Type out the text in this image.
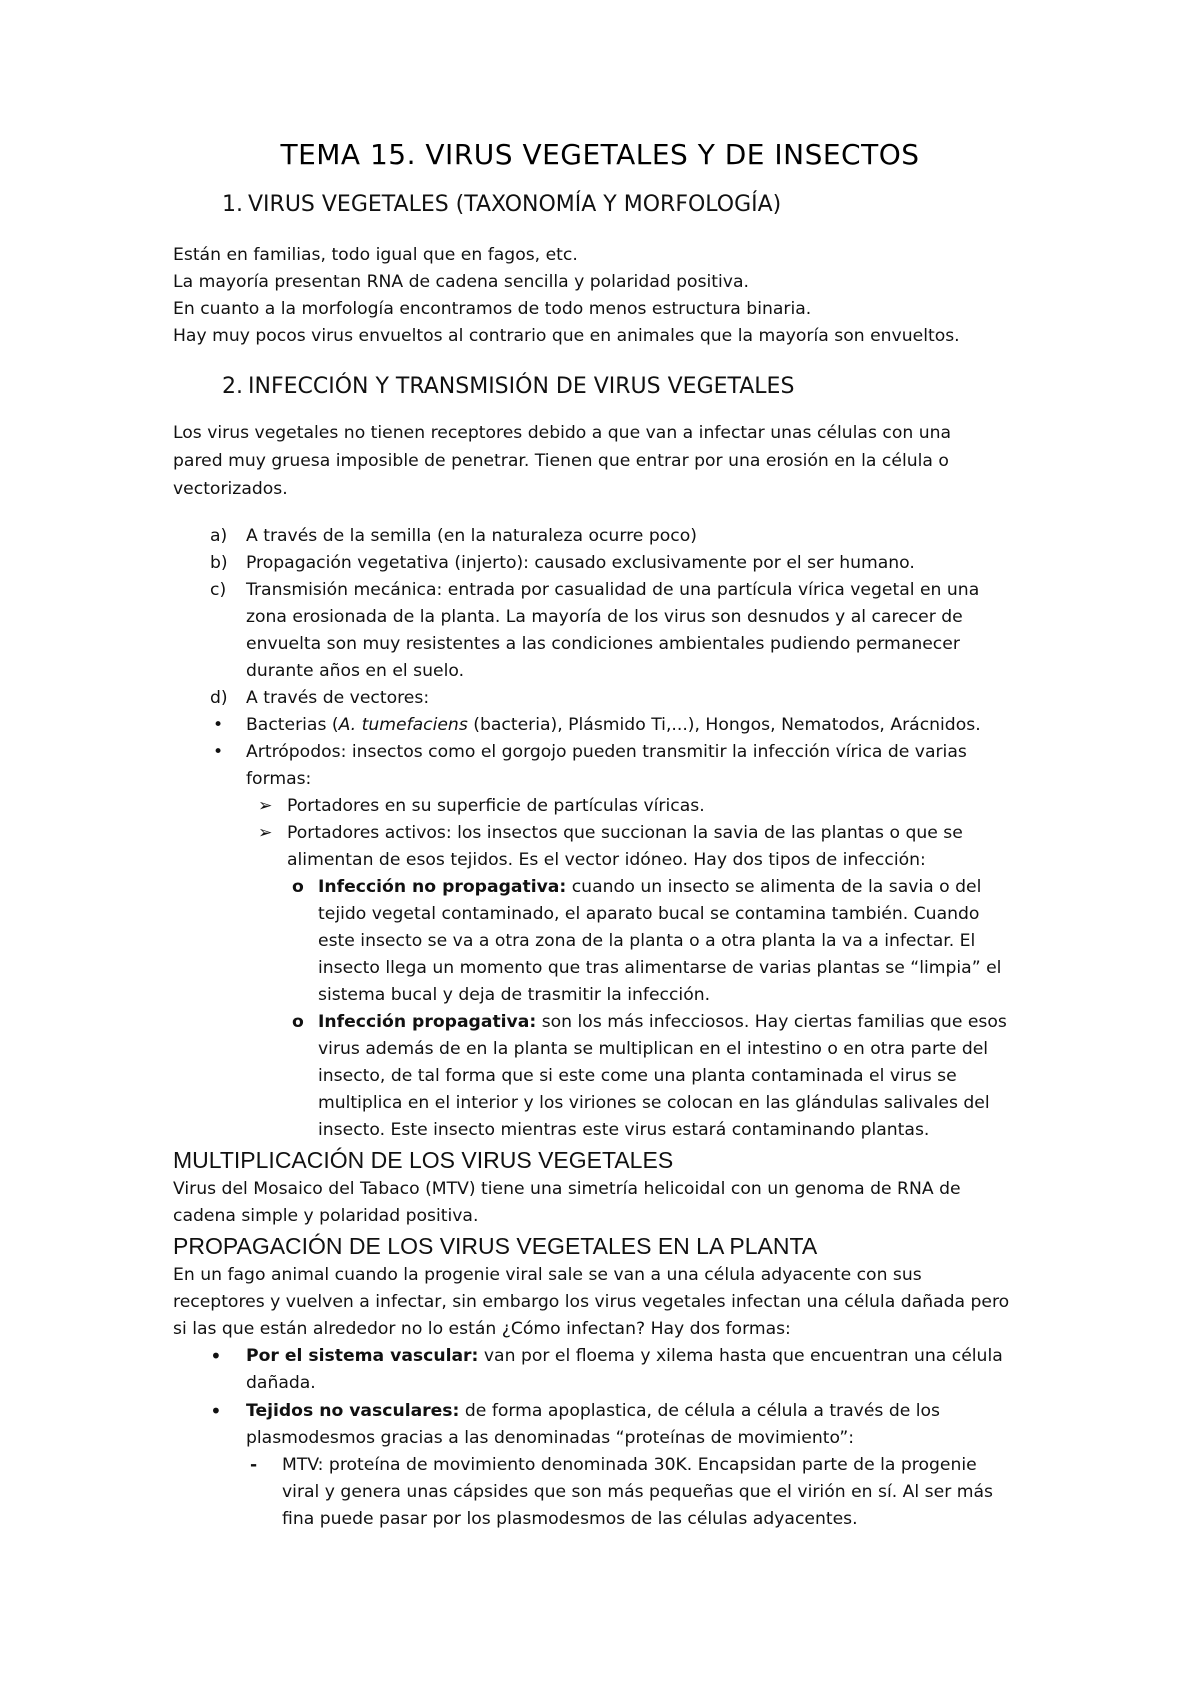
TEMA 15. VIRUS VEGETALES Y DE INSECTOS
1. VIRUS VEGETALES (TAXONOMÍA Y MORFOLOGÍA)
Están en familias, todo igual que en fagos, etc.
La mayoría presentan RNA de cadena sencilla y polaridad positiva.
En cuanto a la morfología encontramos de todo menos estructura binaria.
Hay muy pocos virus envueltos al contrario que en animales que la mayoría son envueltos.
2. INFECCIÓN Y TRANSMISIÓN DE VIRUS VEGETALES
Los virus vegetales no tienen receptores debido a que van a infectar unas células con una
pared muy gruesa imposible de penetrar. Tienen que entrar por una erosión en la célula o
vectorizados.
a) A través de la semilla (en la naturaleza ocurre poco)
b) Propagación vegetativa (injerto): causado exclusivamente por el ser humano.
c) Transmisión mecánica: entrada por casualidad de una partícula vírica vegetal en una
zona erosionada de la planta. La mayoría de los virus son desnudos y al carecer de
envuelta son muy resistentes a las condiciones ambientales pudiendo permanecer
durante años en el suelo.
d) A través de vectores:
• Bacterias (A. tumefaciens (bacteria), Plásmido Ti,...), Hongos, Nematodos, Arácnidos.
• Artrópodos: insectos como el gorgojo pueden transmitir la infección vírica de varias
formas:
➢ Portadores en su superficie de partículas víricas.
➢ Portadores activos: los insectos que succionan la savia de las plantas o que se
alimentan de esos tejidos. Es el vector idóneo. Hay dos tipos de infección:
o Infección no propagativa: cuando un insecto se alimenta de la savia o del
tejido vegetal contaminado, el aparato bucal se contamina también. Cuando
este insecto se va a otra zona de la planta o a otra planta la va a infectar. El
insecto llega un momento que tras alimentarse de varias plantas se “limpia” el
sistema bucal y deja de trasmitir la infección.
o Infección propagativa: son los más infecciosos. Hay ciertas familias que esos
virus además de en la planta se multiplican en el intestino o en otra parte del
insecto, de tal forma que si este come una planta contaminada el virus se
multiplica en el interior y los viriones se colocan en las glándulas salivales del
insecto. Este insecto mientras este virus estará contaminando plantas.
MULTIPLICACIÓN DE LOS VIRUS VEGETALES
Virus del Mosaico del Tabaco (MTV) tiene una simetría helicoidal con un genoma de RNA de
cadena simple y polaridad positiva.
PROPAGACIÓN DE LOS VIRUS VEGETALES EN LA PLANTA
En un fago animal cuando la progenie viral sale se van a una célula adyacente con sus
receptores y vuelven a infectar, sin embargo los virus vegetales infectan una célula dañada pero
si las que están alrededor no lo están ¿Cómo infectan? Hay dos formas:
• Por el sistema vascular: van por el floema y xilema hasta que encuentran una célula
dañada.
• Tejidos no vasculares: de forma apoplastica, de célula a célula a través de los
plasmodesmos gracias a las denominadas “proteínas de movimiento”:
- MTV: proteína de movimiento denominada 30K. Encapsidan parte de la progenie
viral y genera unas cápsides que son más pequeñas que el virión en sí. Al ser más
fina puede pasar por los plasmodesmos de las células adyacentes.
